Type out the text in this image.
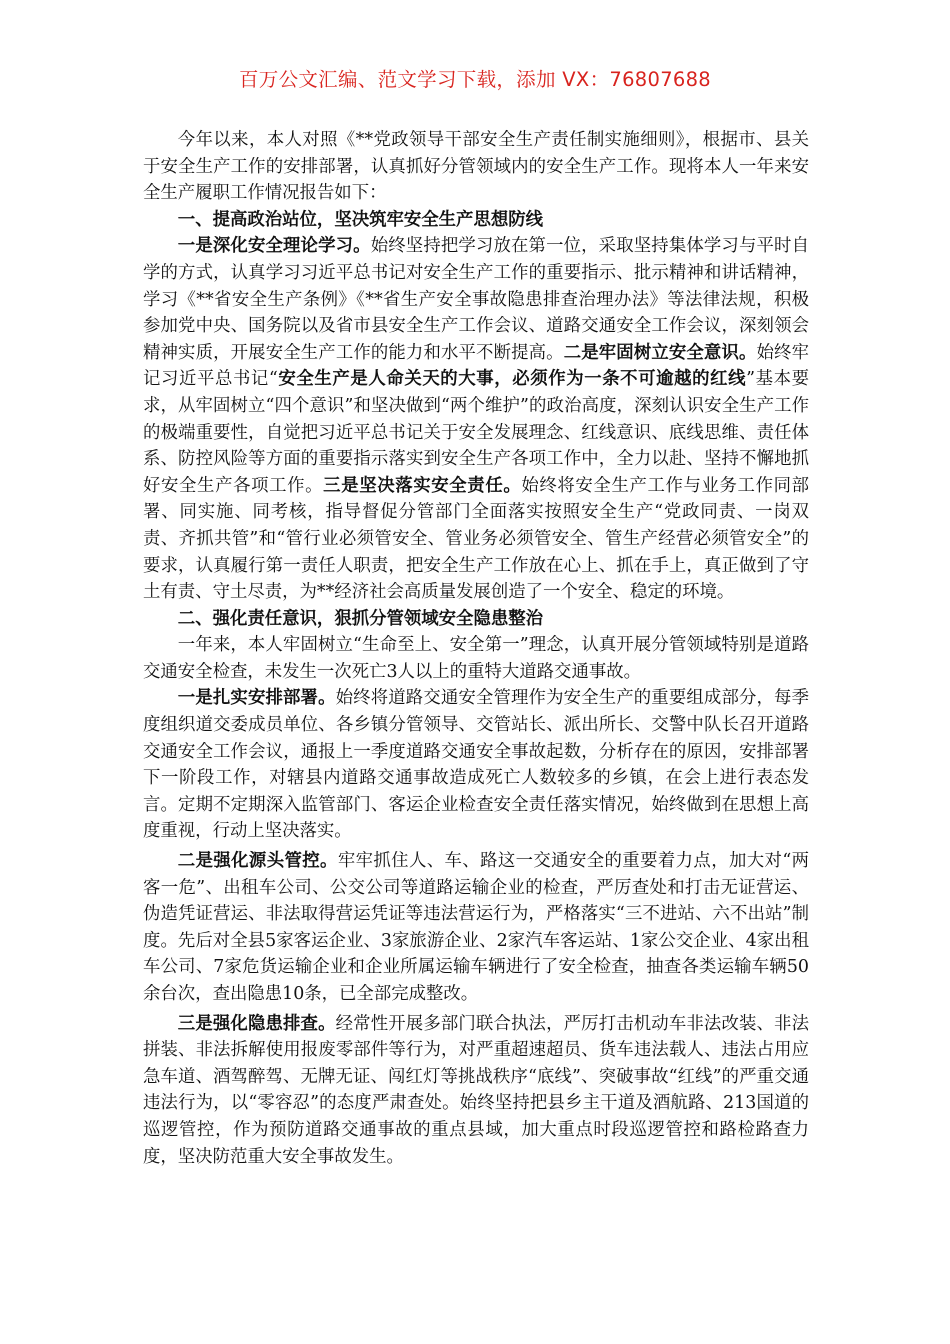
百万公文汇编、范文学习下载，添加 VX：76807688

今年以来，本人对照《**党政领导干部安全生产责任制实施细则》，根据市、县关于安全生产工作的安排部署，认真抓好分管领域内的安全生产工作。现将本人一年来安全生产履职工作情况报告如下：

一、提高政治站位，坚决筑牢安全生产思想防线

一是深化安全理论学习。始终坚持把学习放在第一位，采取坚持集体学习与平时自学的方式，认真学习习近平总书记对安全生产工作的重要指示、批示精神和讲话精神，学习《**省安全生产条例》《**省生产安全事故隐患排查治理办法》等法律法规，积极参加党中央、国务院以及省市县安全生产工作会议、道路交通安全工作会议，深刻领会精神实质，开展安全生产工作的能力和水平不断提高。二是牢固树立安全意识。始终牢记习近平总书记“安全生产是人命关天的大事，必须作为一条不可逾越的红线”基本要求，从牢固树立“四个意识”和坚决做到“两个维护”的政治高度，深刻认识安全生产工作的极端重要性，自觉把习近平总书记关于安全发展理念、红线意识、底线思维、责任体系、防控风险等方面的重要指示落实到安全生产各项工作中，全力以赴、坚持不懈地抓好安全生产各项工作。三是坚决落实安全责任。始终将安全生产工作与业务工作同部署、同实施、同考核，指导督促分管部门全面落实按照安全生产“党政同责、一岗双责、齐抓共管”和“管行业必须管安全、管业务必须管安全、管生产经营必须管安全”的要求，认真履行第一责任人职责，把安全生产工作放在心上、抓在手上，真正做到了守土有责、守土尽责，为**经济社会高质量发展创造了一个安全、稳定的环境。

二、强化责任意识，狠抓分管领域安全隐患整治

一年来，本人牢固树立“生命至上、安全第一”理念，认真开展分管领域特别是道路交通安全检查，未发生一次死亡3人以上的重特大道路交通事故。

一是扎实安排部署。始终将道路交通安全管理作为安全生产的重要组成部分，每季度组织道交委成员单位、各乡镇分管领导、交管站长、派出所长、交警中队长召开道路交通安全工作会议，通报上一季度道路交通安全事故起数，分析存在的原因，安排部署下一阶段工作，对辖县内道路交通事故造成死亡人数较多的乡镇，在会上进行表态发言。定期不定期深入监管部门、客运企业检查安全责任落实情况，始终做到在思想上高度重视，行动上坚决落实。

二是强化源头管控。牢牢抓住人、车、路这一交通安全的重要着力点，加大对“两客一危”、出租车公司、公交公司等道路运输企业的检查，严厉查处和打击无证营运、伪造凭证营运、非法取得营运凭证等违法营运行为，严格落实“三不进站、六不出站”制度。先后对全县5家客运企业、3家旅游企业、2家汽车客运站、1家公交企业、4家出租车公司、7家危货运输企业和企业所属运输车辆进行了安全检查，抽查各类运输车辆50余台次，查出隐患10条，已全部完成整改。

三是强化隐患排查。经常性开展多部门联合执法，严厉打击机动车非法改装、非法拼装、非法拆解使用报废零部件等行为，对严重超速超员、货车违法载人、违法占用应急车道、酒驾醉驾、无牌无证、闯红灯等挑战秩序“底线”、突破事故“红线”的严重交通违法行为，以“零容忍”的态度严肃查处。始终坚持把县乡主干道及酒航路、213国道的巡逻管控，作为预防道路交通事故的重点县域，加大重点时段巡逻管控和路检路查力度，坚决防范重大安全事故发生。
